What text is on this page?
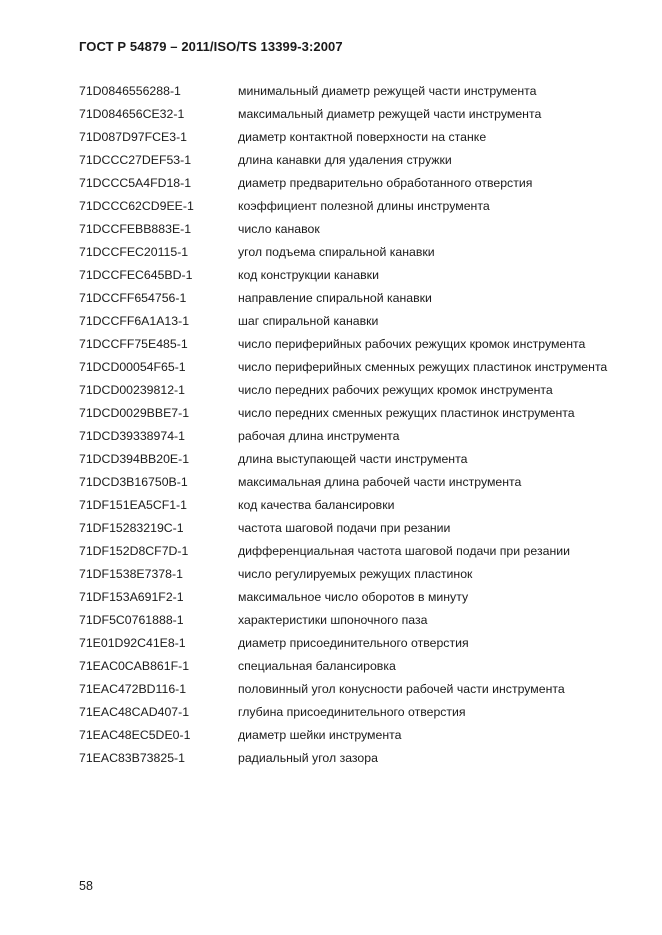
ГОСТ Р 54879 – 2011/ISO/TS 13399-3:2007
71D0846556288-1	минимальный диаметр режущей части инструмента
71D084656CE32-1	максимальный диаметр режущей части инструмента
71D087D97FCE3-1	диаметр контактной поверхности на станке
71DCCC27DEF53-1	длина канавки для удаления стружки
71DCCC5A4FD18-1	диаметр предварительно обработанного отверстия
71DCCC62CD9EE-1	коэффициент полезной длины инструмента
71DCCFEBB883E-1	число канавок
71DCCFEC20115-1	угол подъема спиральной канавки
71DCCFEC645BD-1	код конструкции канавки
71DCCFF654756-1	направление спиральной канавки
71DCCFF6A1A13-1	шаг спиральной канавки
71DCCFF75E485-1	число периферийных рабочих режущих кромок инструмента
71DCD00054F65-1	число периферийных сменных режущих пластинок инструмента
71DCD00239812-1	число передних рабочих режущих кромок инструмента
71DCD0029BBE7-1	число передних сменных режущих пластинок инструмента
71DCD39338974-1	рабочая длина инструмента
71DCD394BB20E-1	длина выступающей части инструмента
71DCD3B16750B-1	максимальная длина рабочей части инструмента
71DF151EA5CF1-1	код качества балансировки
71DF15283219C-1	частота шаговой подачи при резании
71DF152D8CF7D-1	дифференциальная частота шаговой подачи при резании
71DF1538E7378-1	число регулируемых режущих пластинок
71DF153A691F2-1	максимальное число оборотов в минуту
71DF5C0761888-1	характеристики шпоночного паза
71E01D92C41E8-1	диаметр присоединительного отверстия
71EAC0CAB861F-1	специальная балансировка
71EAC472BD116-1	половинный угол конусности рабочей части инструмента
71EAC48CAD407-1	глубина присоединительного отверстия
71EAC48EC5DE0-1	диаметр шейки инструмента
71EAC83B73825-1	радиальный угол зазора
58
